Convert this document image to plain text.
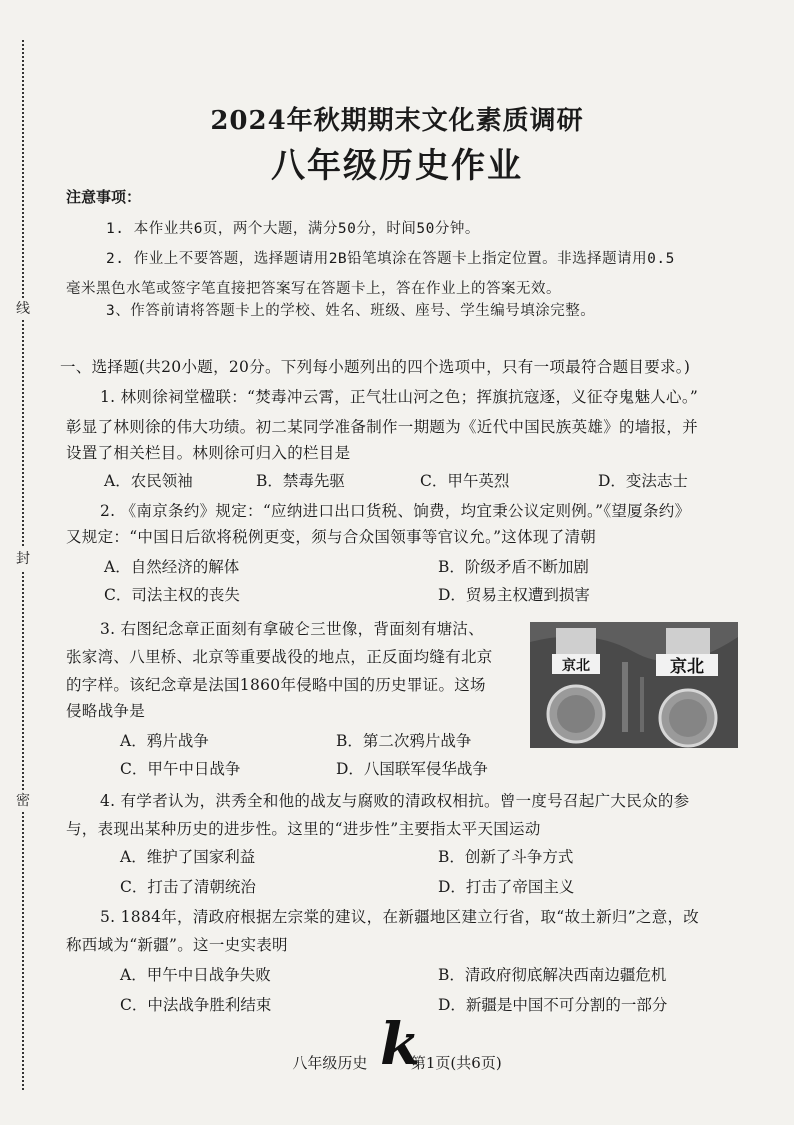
线
封
密
2024年秋期期末文化素质调研
八年级历史作业
注意事项：
1. 本作业共6页，两个大题，满分50分，时间50分钟。
2. 作业上不要答题，选择题请用2B铅笔填涂在答题卡上指定位置。非选择题请用0.5
毫米黑色水笔或签字笔直接把答案写在答题卡上，答在作业上的答案无效。
3、作答前请将答题卡上的学校、姓名、班级、座号、学生编号填涂完整。
一、选择题(共20小题，20分。下列每小题列出的四个选项中，只有一项最符合题目要求。)
1. 林则徐祠堂楹联：“焚毒冲云霄，正气壮山河之色；挥旗抗寇逐，义征夺鬼魅人心。”
彰显了林则徐的伟大功绩。初二某同学准备制作一期题为《近代中国民族英雄》的墙报，并
设置了相关栏目。林则徐可归入的栏目是
A．农民领袖	B．禁毒先驱	C．甲午英烈	D．变法志士
2. 《南京条约》规定：“应纳进口出口货税、饷费，均宜秉公议定则例。”《望厦条约》
又规定：“中国日后欲将税例更变，须与合众国领事等官议允。”这体现了清朝
A．自然经济的解体	B．阶级矛盾不断加剧
C．司法主权的丧失	D．贸易主权遭到损害
3. 右图纪念章正面刻有拿破仑三世像，背面刻有塘沽、
张家湾、八里桥、北京等重要战役的地点，正反面均缝有北京
的字样。该纪念章是法国1860年侵略中国的历史罪证。这场
侵略战争是
A．鸦片战争	B．第二次鸦片战争
C．甲午中日战争	D．八国联军侵华战争
京北	京北
4. 有学者认为，洪秀全和他的战友与腐败的清政权相抗。曾一度号召起广大民众的参
与，表现出某种历史的进步性。这里的“进步性”主要指太平天国运动
A．维护了国家利益	B．创新了斗争方式
C．打击了清朝统治	D．打击了帝国主义
5. 1884年，清政府根据左宗棠的建议，在新疆地区建立行省，取“故土新归”之意，改
称西域为“新疆”。这一史实表明
A．甲午中日战争失败	B．清政府彻底解决西南边疆危机
C．中法战争胜利结束	D．新疆是中国不可分割的一部分
k
八年级历史	第1页(共6页)
